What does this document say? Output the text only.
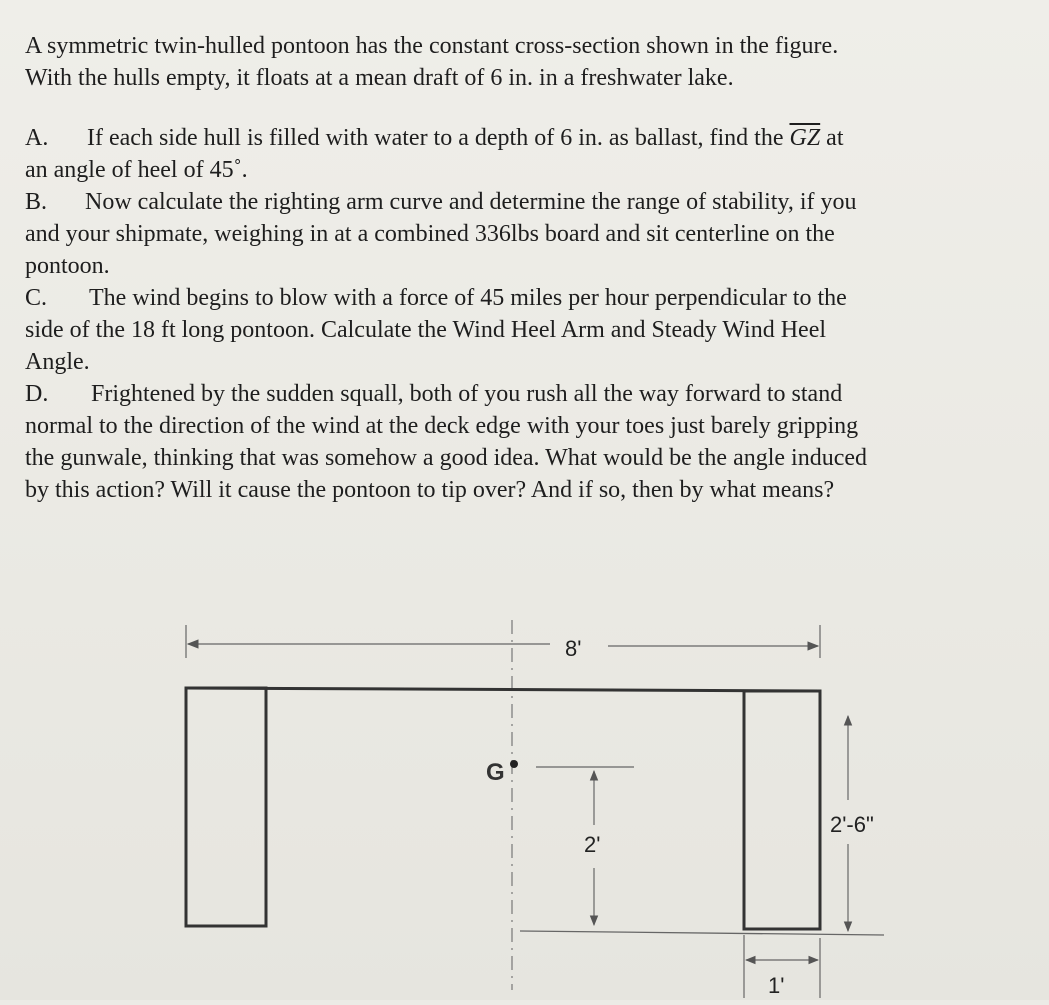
A symmetric twin-hulled pontoon has the constant cross-section shown in the figure.
With the hulls empty, it floats at a mean draft of 6 in. in a freshwater lake.
A. If each side hull is filled with water to a depth of 6 in. as ballast, find the $\overline{GZ}$ at
an angle of heel of 45˚.
B. Now calculate the righting arm curve and determine the range of stability, if you
and your shipmate, weighing in at a combined 336lbs board and sit centerline on the
pontoon.
C. The wind begins to blow with a force of 45 miles per hour perpendicular to the
side of the 18 ft long pontoon. Calculate the Wind Heel Arm and Steady Wind Heel
Angle.
D. Frightened by the sudden squall, both of you rush all the way forward to stand
normal to the direction of the wind at the deck edge with your toes just barely gripping
the gunwale, thinking that was somehow a good idea. What would be the angle induced
by this action? Will it cause the pontoon to tip over? And if so, then by what means?
8'
G
2'
2'-6"
1'
